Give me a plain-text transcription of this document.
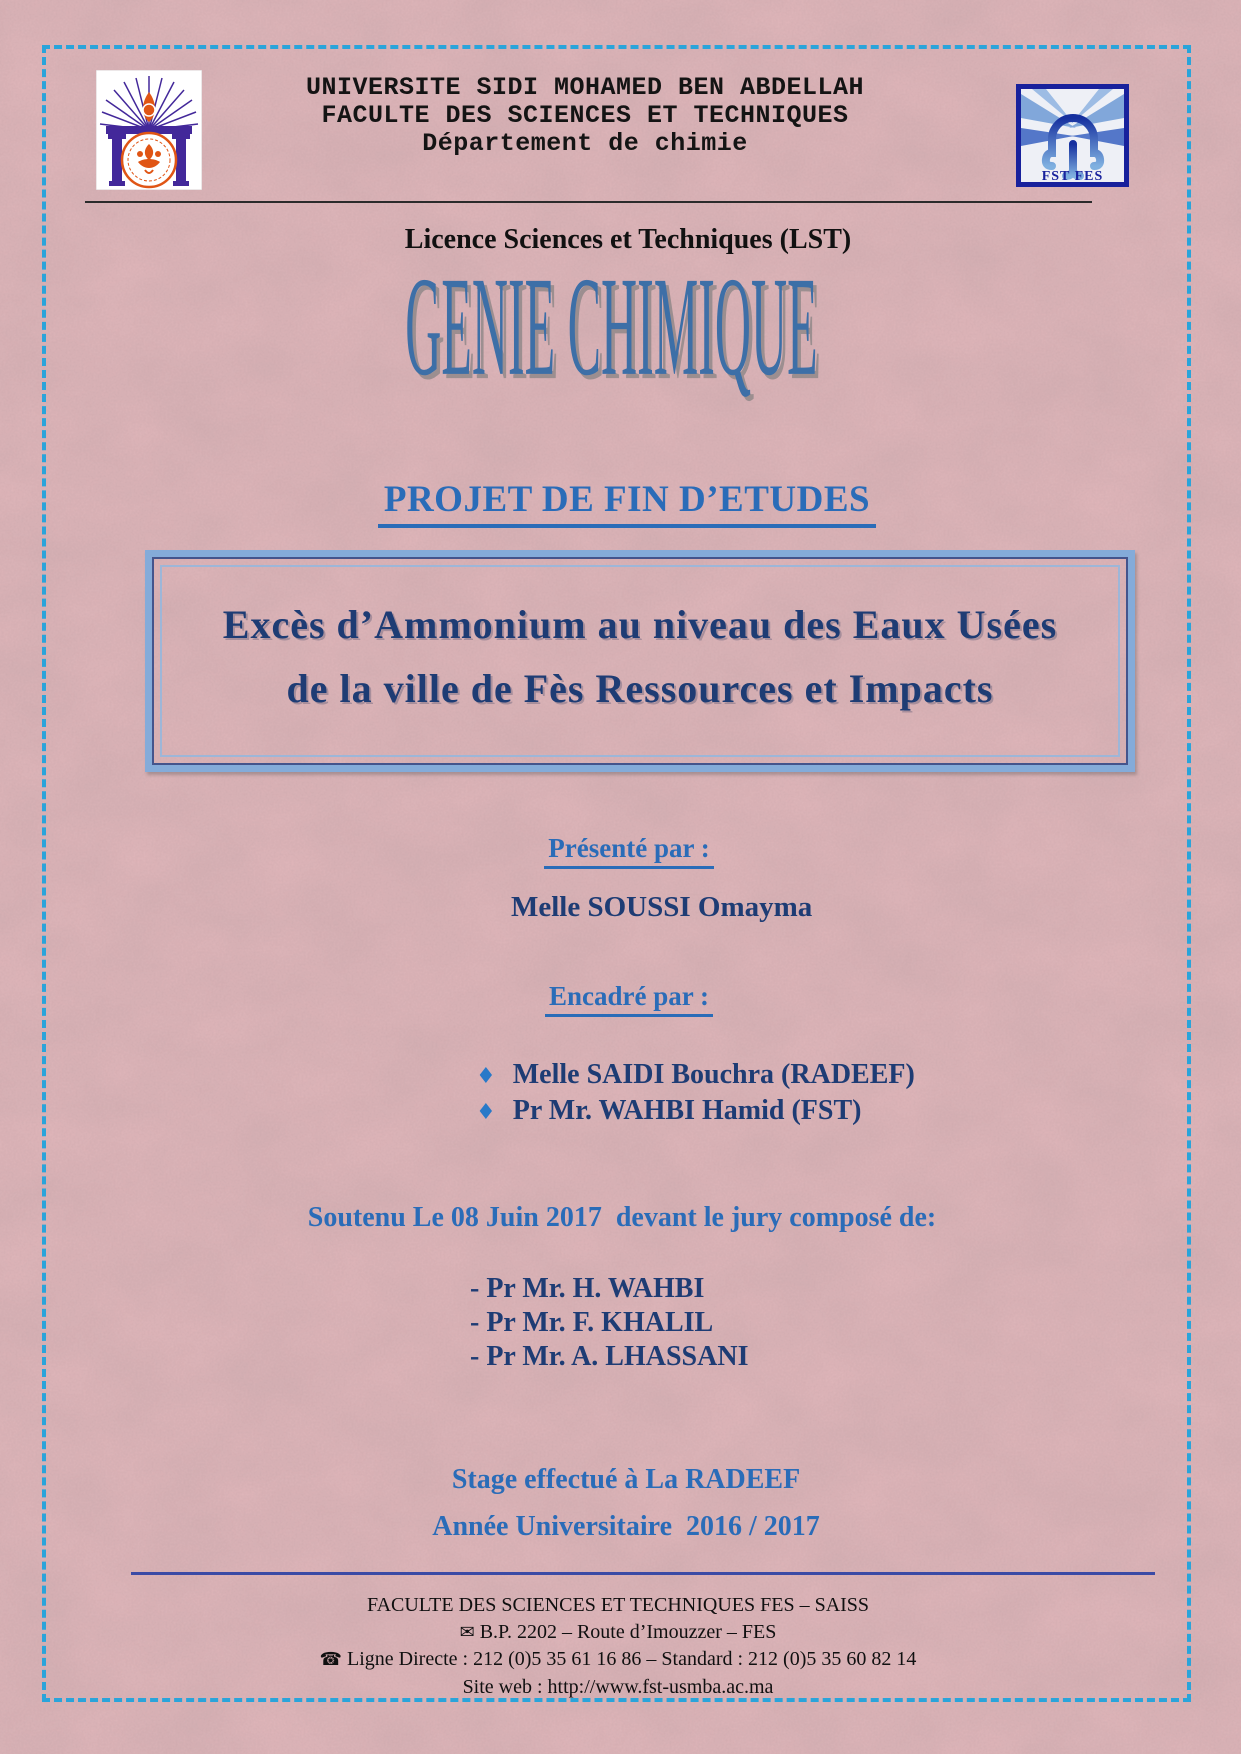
UNIVERSITE SIDI MOHAMED BEN ABDELLAH
FACULTE DES SCIENCES ET TECHNIQUES
Département de chimie
FST FES
Licence Sciences et Techniques (LST)
GENIE CHIMIQUE
PROJET DE FIN D’ETUDES
Excès d’Ammonium au niveau des Eaux Usées
de la ville de Fès Ressources et Impacts
Présenté par :
Melle SOUSSI Omayma
Encadré par :
♦ Melle SAIDI Bouchra (RADEEF)
♦ Pr Mr. WAHBI Hamid (FST)
Soutenu Le 08 Juin 2017  devant le jury composé de:
- Pr Mr. H. WAHBI
- Pr Mr. F. KHALIL
- Pr Mr. A. LHASSANI
Stage effectué à La RADEEF
Année Universitaire  2016 / 2017
FACULTE DES SCIENCES ET TECHNIQUES FES – SAISS
✉ B.P. 2202 – Route d’Imouzzer – FES
☎ Ligne Directe : 212 (0)5 35 61 16 86 – Standard : 212 (0)5 35 60 82 14
Site web : http://www.fst-usmba.ac.ma
